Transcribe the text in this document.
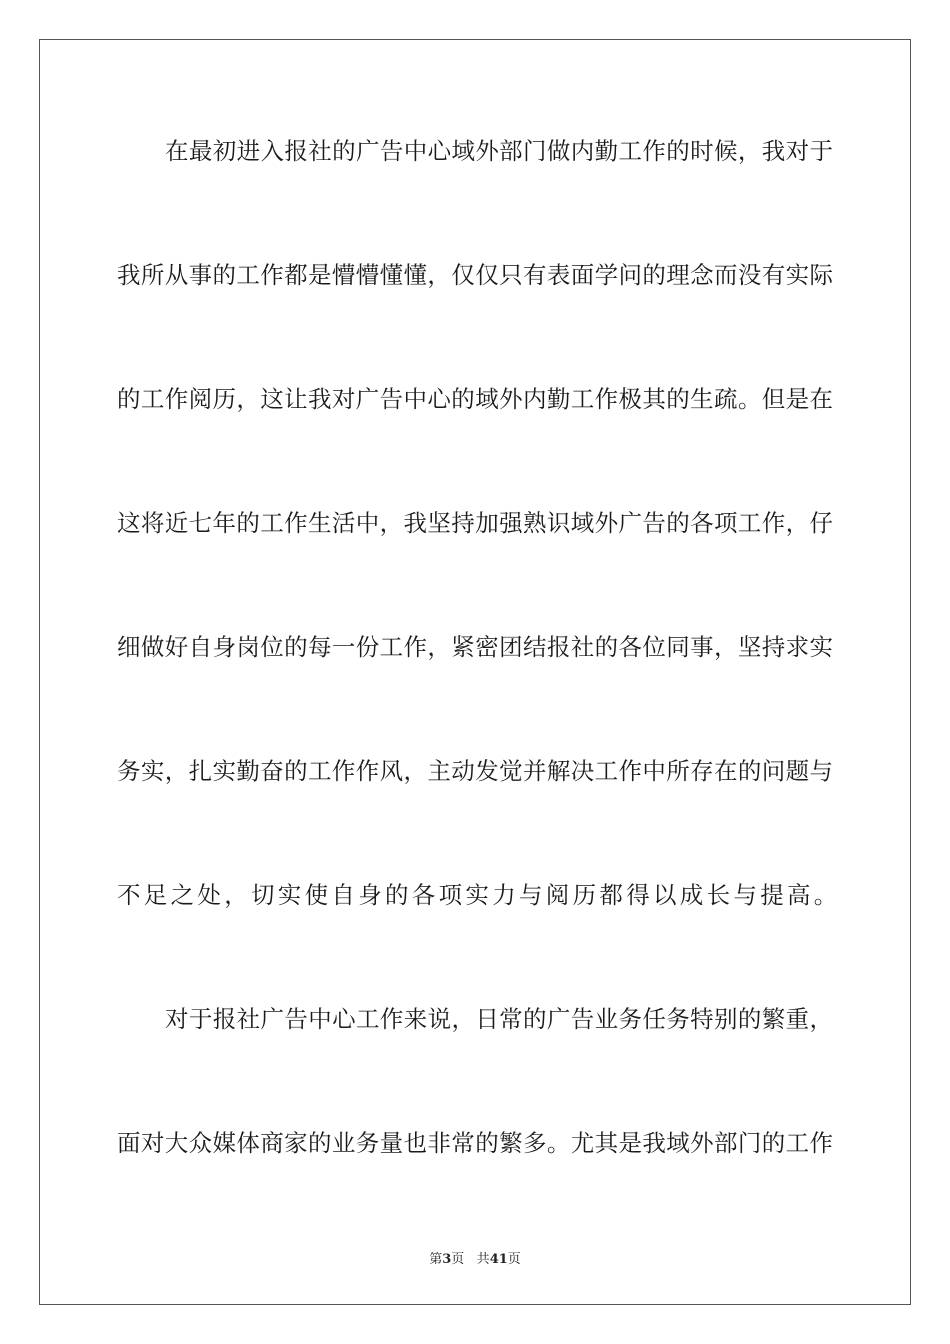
在最初进入报社的广告中心域外部门做内勤工作的时候，我对于
我所从事的工作都是懵懵懂懂，仅仅只有表面学问的理念而没有实际
的工作阅历，这让我对广告中心的域外内勤工作极其的生疏。但是在
这将近七年的工作生活中，我坚持加强熟识域外广告的各项工作，仔
细做好自身岗位的每一份工作，紧密团结报社的各位同事，坚持求实
务实，扎实勤奋的工作作风，主动发觉并解决工作中所存在的问题与
不足之处，切实使自身的各项实力与阅历都得以成长与提高。
对于报社广告中心工作来说，日常的广告业务任务特别的繁重，
面对大众媒体商家的业务量也非常的繁多。尤其是我域外部门的工作
第3页 共41页
